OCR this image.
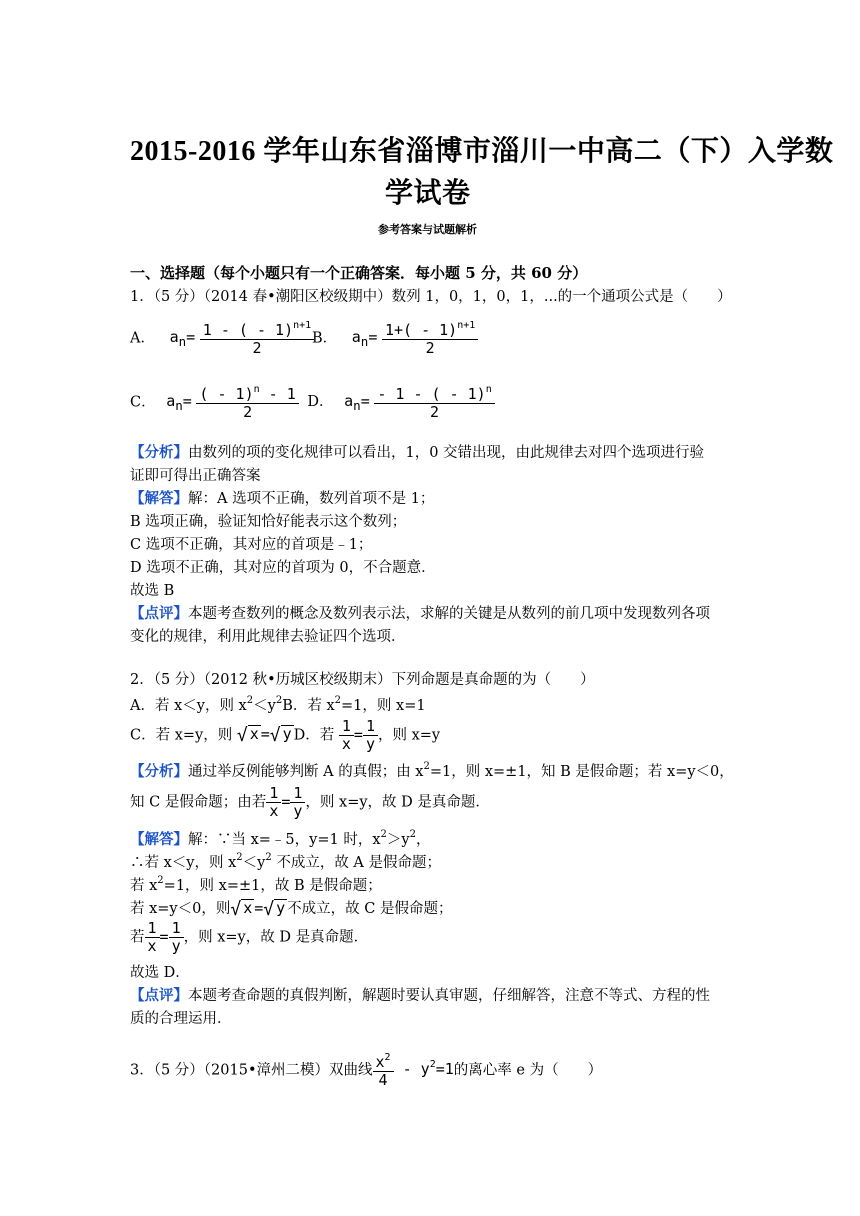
2015-2016 学年山东省淄博市淄川一中高二（下）入学数
学试卷
参考答案与试题解析
一、选择题（每个小题只有一个正确答案．每小题 5 分，共 60 分）
1．（5 分）（2014 春•潮阳区校级期中）数列 1，0，1，0，1，...的一个通项公式是（　　）
A． $a_n= \frac{1 - ( - 1)^{n+1}}{2}$
B． $a_n= \frac{1+( - 1)^{n+1}}{2}$
C． $a_n= \frac{( - 1)^n - 1}{2}$ D． $a_n= \frac{- 1 - ( - 1)^n}{2}$
【分析】由数列的项的变化规律可以看出，1，0 交错出现，由此规律去对四个选项进行验
证即可得出正确答案
【解答】解：A 选项不正确，数列首项不是 1；
B 选项正确，验证知恰好能表示这个数列；
C 选项不正确，其对应的首项是﹣1；
D 选项不正确，其对应的首项为 0，不合题意．
故选 B
【点评】本题考查数列的概念及数列表示法，求解的关键是从数列的前几项中发现数列各项
变化的规律，利用此规律去验证四个选项．
2．（5 分）（2012 秋•历城区校级期末）下列命题是真命题的为（　　）
A．若 x＜y，则 $x^2<y^2B$．若 $x^2=1$，则 x=1
C．若 x=y，则 √ x =√ y D．若 $\frac{1}{x} = \frac{1}{y}$ ，则 x=y
【分析】通过举反例能够判断 A 的真假；由 $x^2=1$，则 x=±1，知 B 是假命题；若 x=y＜0，
知 C 是假命题；由若 $\frac{1}{x} = \frac{1}{y}$ ，则 x=y，故 D 是真命题．
【解答】解：∵当 x=﹣5，y=1 时，$x^2>y^2$，
∴若 x＜y，则 $x^2<y^2$ 不成立，故 A 是假命题；
若 $x^2=1$，则 x=±1，故 B 是假命题；
若 x=y＜0，则√ x =√ y 不成立，故 C 是假命题；
若 $\frac{1}{x} = \frac{1}{y}$ ，则 x=y，故 D 是真命题．
故选 D．
【点评】本题考查命题的真假判断，解题时要认真审题，仔细解答，注意不等式、方程的性
质的合理运用．
3．（5 分）（2015•漳州二模）双曲线 $\frac{x^2}{4} - y^2=1$的离心率 e 为（　　）
